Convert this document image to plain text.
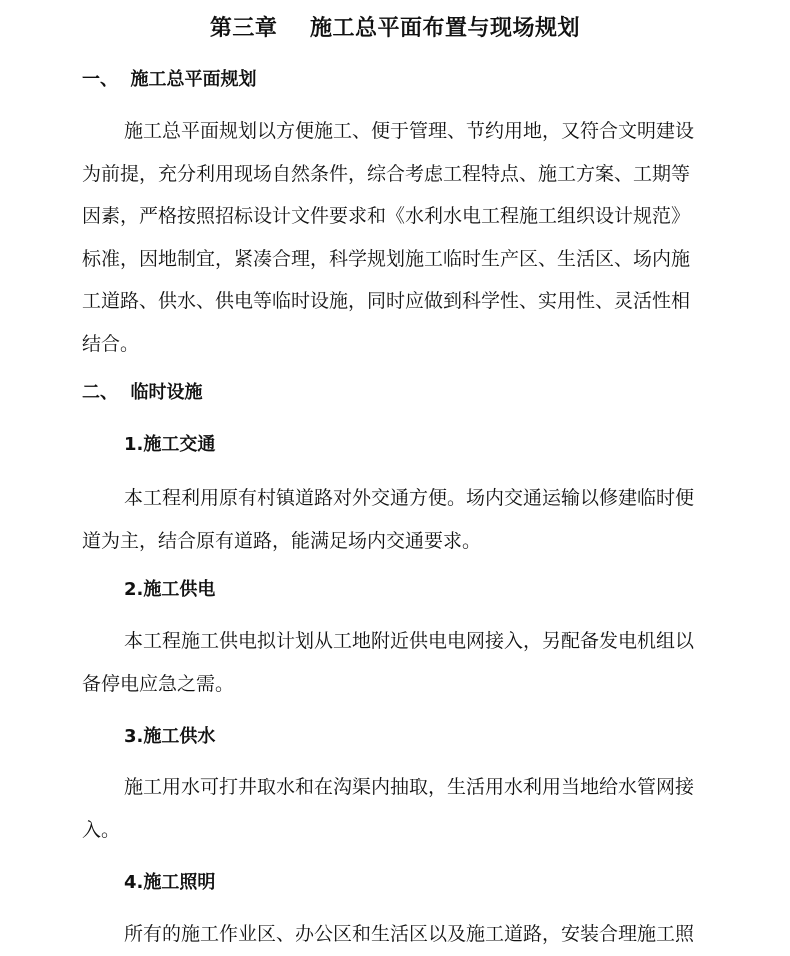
第三章    施工总平面布置与现场规划
一、  施工总平面规划
施工总平面规划以方便施工、便于管理、节约用地，又符合文明建设
为前提，充分利用现场自然条件，综合考虑工程特点、施工方案、工期等
因素，严格按照招标设计文件要求和《水利水电工程施工组织设计规范》
标准，因地制宜，紧凑合理，科学规划施工临时生产区、生活区、场内施
工道路、供水、供电等临时设施，同时应做到科学性、实用性、灵活性相
结合。
二、  临时设施
1.施工交通
本工程利用原有村镇道路对外交通方便。场内交通运输以修建临时便
道为主，结合原有道路，能满足场内交通要求。
2.施工供电
本工程施工供电拟计划从工地附近供电电网接入，另配备发电机组以
备停电应急之需。
3.施工供水
施工用水可打井取水和在沟渠内抽取，生活用水利用当地给水管网接
入。
4.施工照明
所有的施工作业区、办公区和生活区以及施工道路，安装合理施工照
